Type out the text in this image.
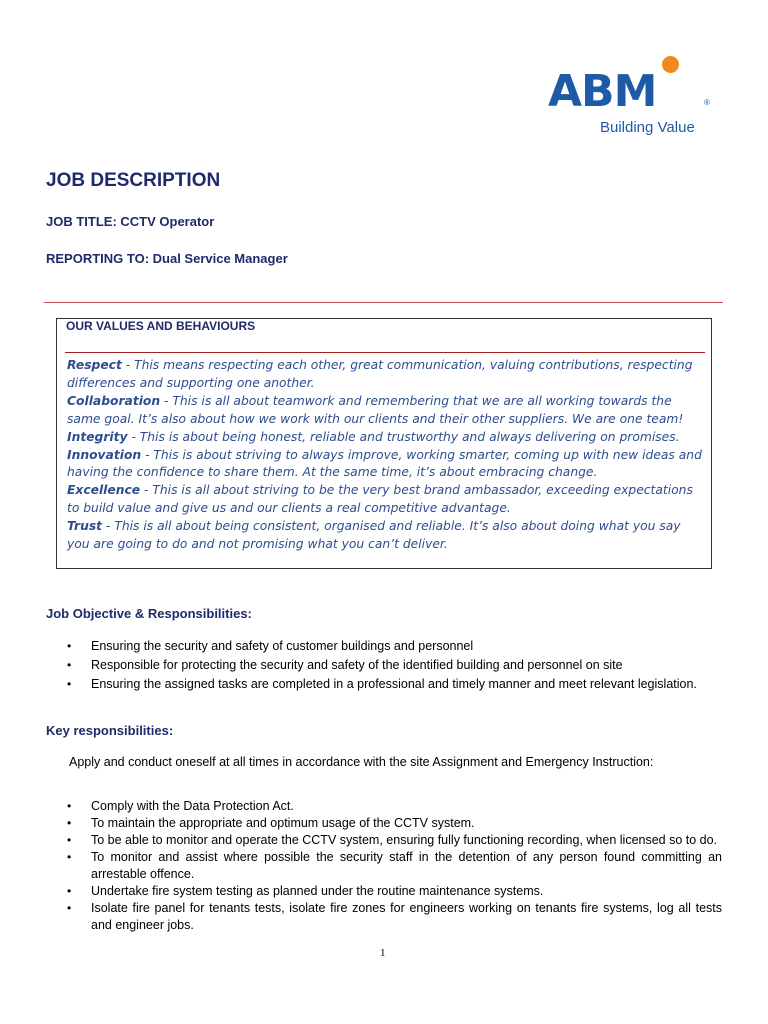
ABM	®
Building Value
JOB DESCRIPTION
JOB TITLE: CCTV Operator
REPORTING TO: Dual Service Manager
OUR VALUES AND BEHAVIOURS
Respect - This means respecting each other, great communication, valuing contributions, respecting differences and supporting one another.
Collaboration - This is all about teamwork and remembering that we are all working towards the same goal. It’s also about how we work with our clients and their other suppliers. We are one team!
Integrity - This is about being honest, reliable and trustworthy and always delivering on promises.
Innovation - This is about striving to always improve, working smarter, coming up with new ideas and having the confidence to share them. At the same time, it’s about embracing change.
Excellence - This is all about striving to be the very best brand ambassador, exceeding expectations to build value and give us and our clients a real competitive advantage.
Trust - This is all about being consistent, organised and reliable. It’s also about doing what you say you are going to do and not promising what you can’t deliver.
Job Objective & Responsibilities:
• Ensuring the security and safety of customer buildings and personnel
• Responsible for protecting the security and safety of the identified building and personnel on site
• Ensuring the assigned tasks are completed in a professional and timely manner and meet relevant legislation.
Key responsibilities:
Apply and conduct oneself at all times in accordance with the site Assignment and Emergency Instruction:
• Comply with the Data Protection Act.
• To maintain the appropriate and optimum usage of the CCTV system.
• To be able to monitor and operate the CCTV system, ensuring fully functioning recording, when licensed so to do.
• To monitor and assist where possible the security staff in the detention of any person found committing an arrestable offence.
• Undertake fire system testing as planned under the routine maintenance systems.
• Isolate fire panel for tenants tests, isolate fire zones for engineers working on tenants fire systems, log all tests and engineer jobs.
1
